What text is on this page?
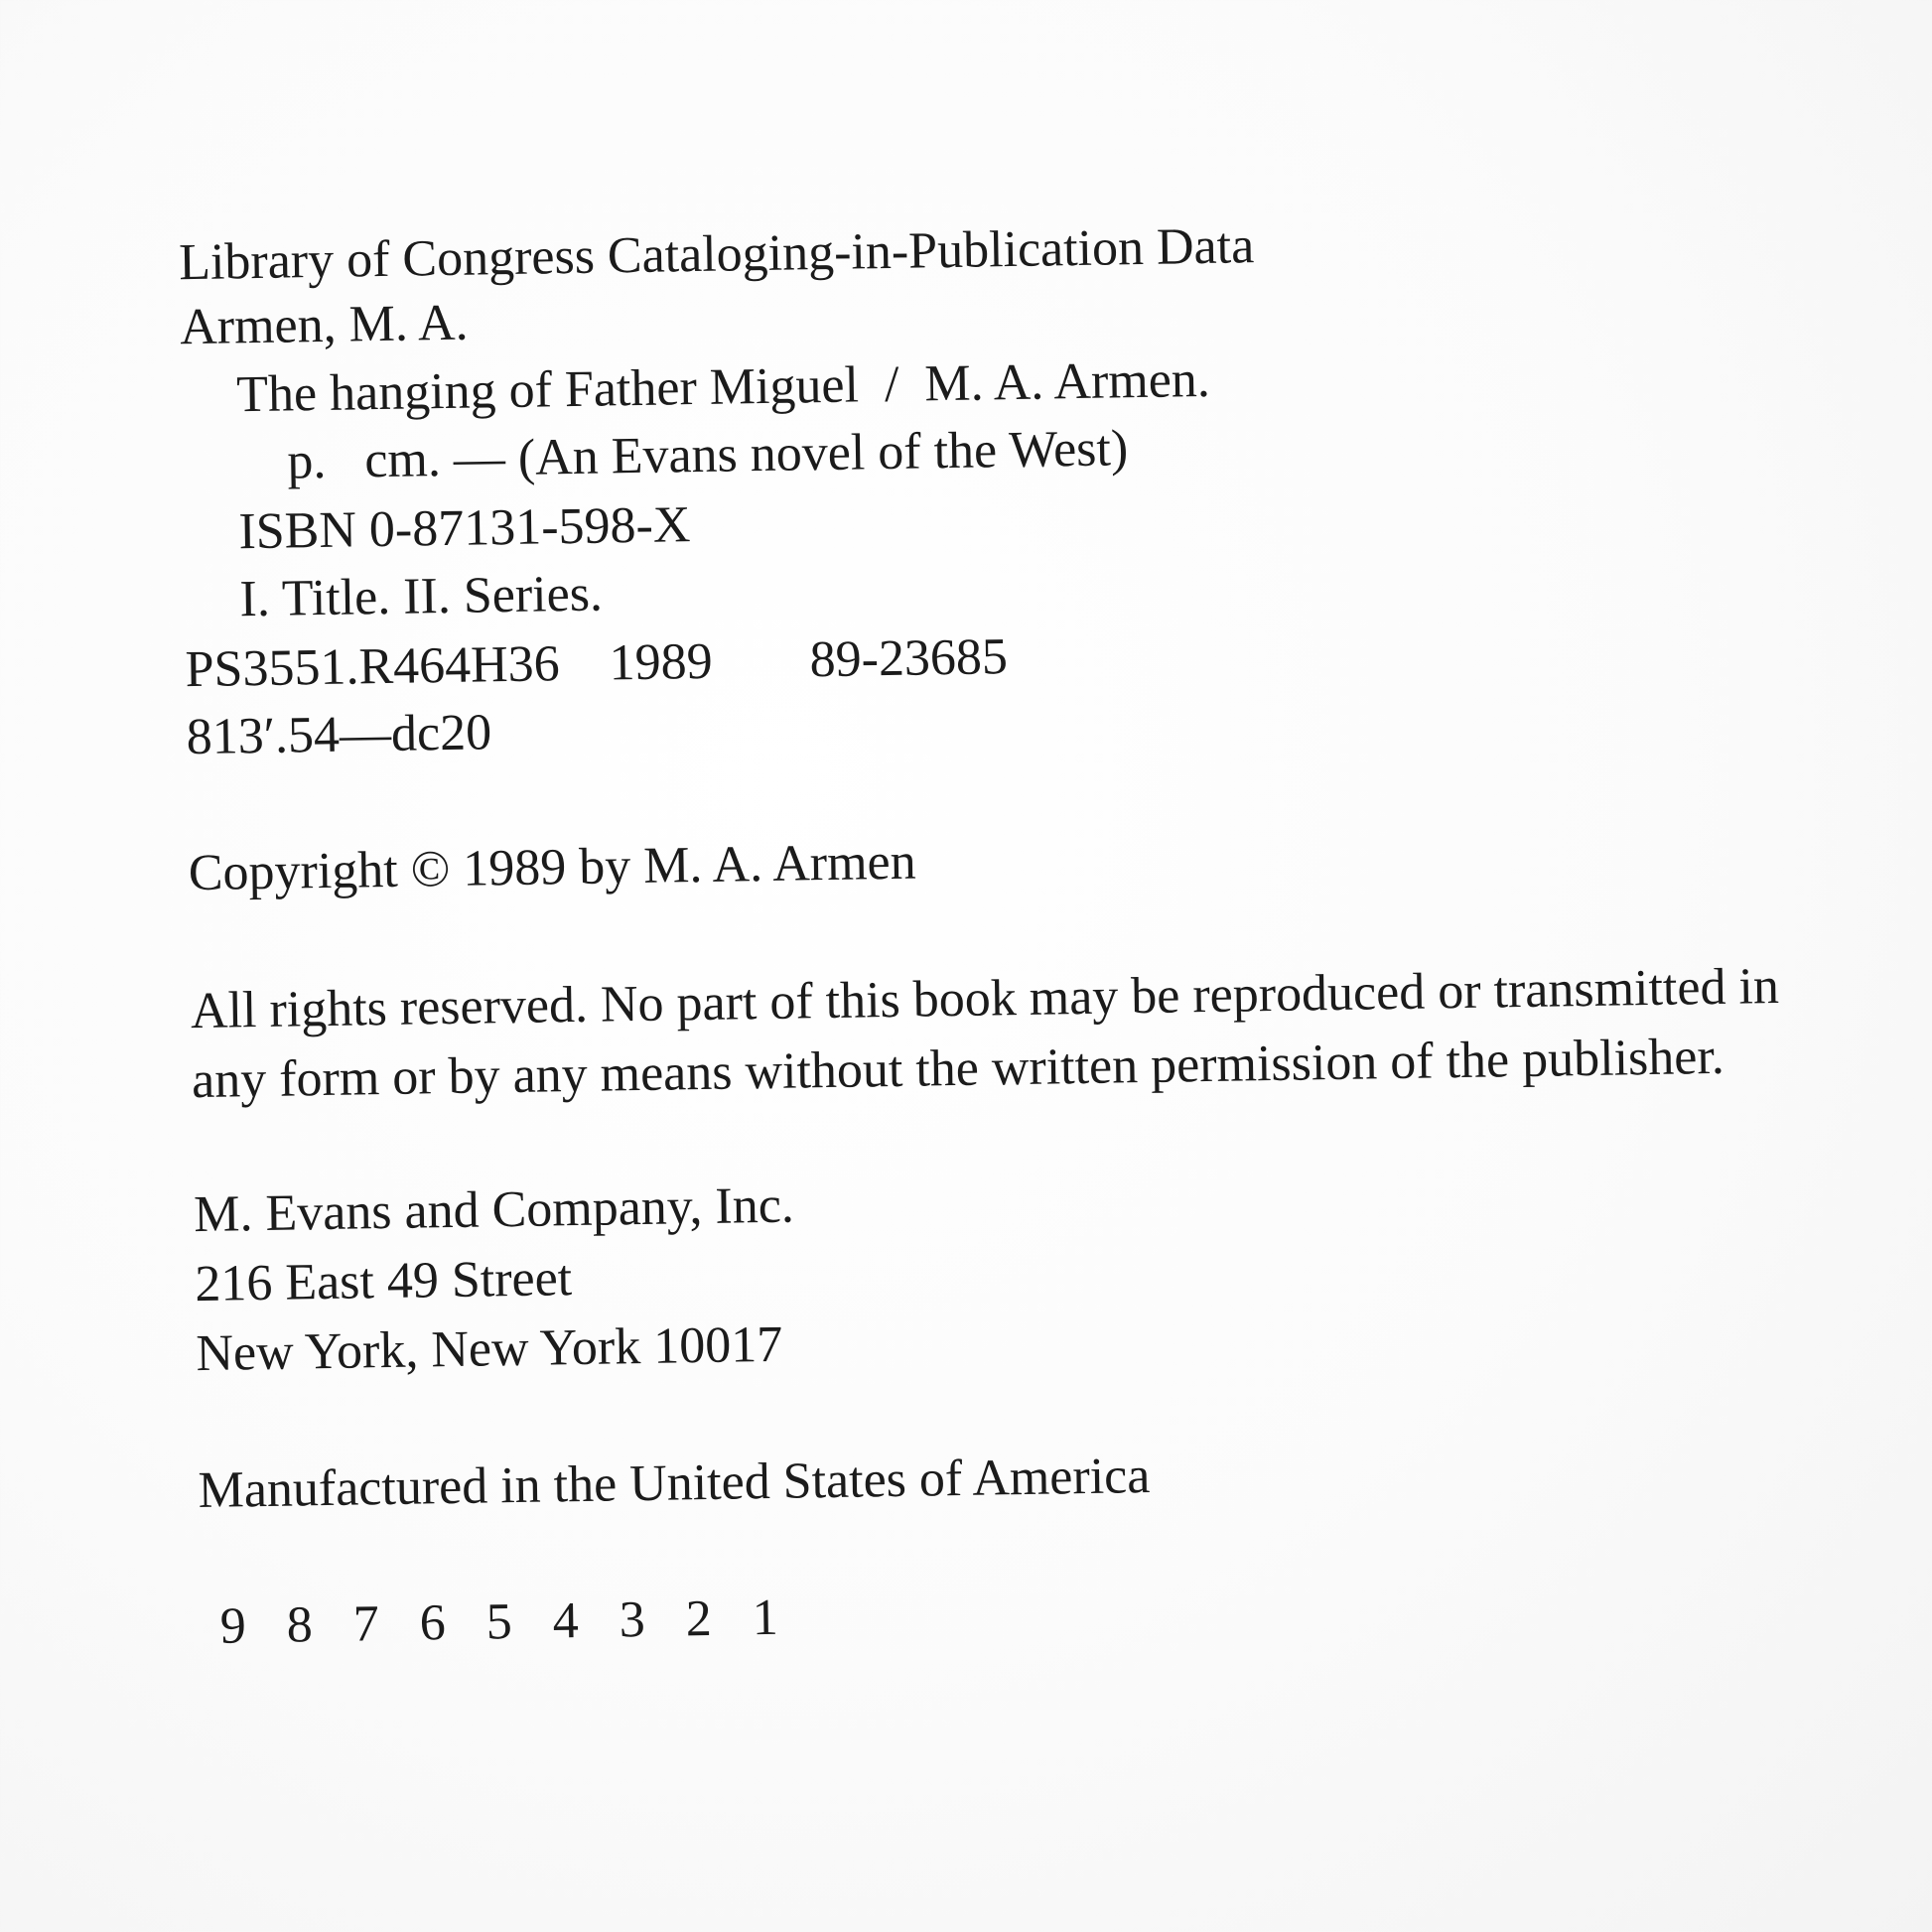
Library of Congress Cataloging-in-Publication Data
Armen, M. A.
The hanging of Father Miguel  /  M. A. Armen.
p.   cm. — (An Evans novel of the West)
ISBN 0-87131-598-X
I. Title. II. Series.
PS3551.R464H36 1989 89-23685
813′.54—dc20
Copyright © 1989 by M. A. Armen
All rights reserved. No part of this book may be reproduced or transmitted in
any form or by any means without the written permission of the publisher.
M. Evans and Company, Inc.
216 East 49 Street
New York, New York 10017
Manufactured in the United States of America
9 8 7 6 5 4 3 2 1
